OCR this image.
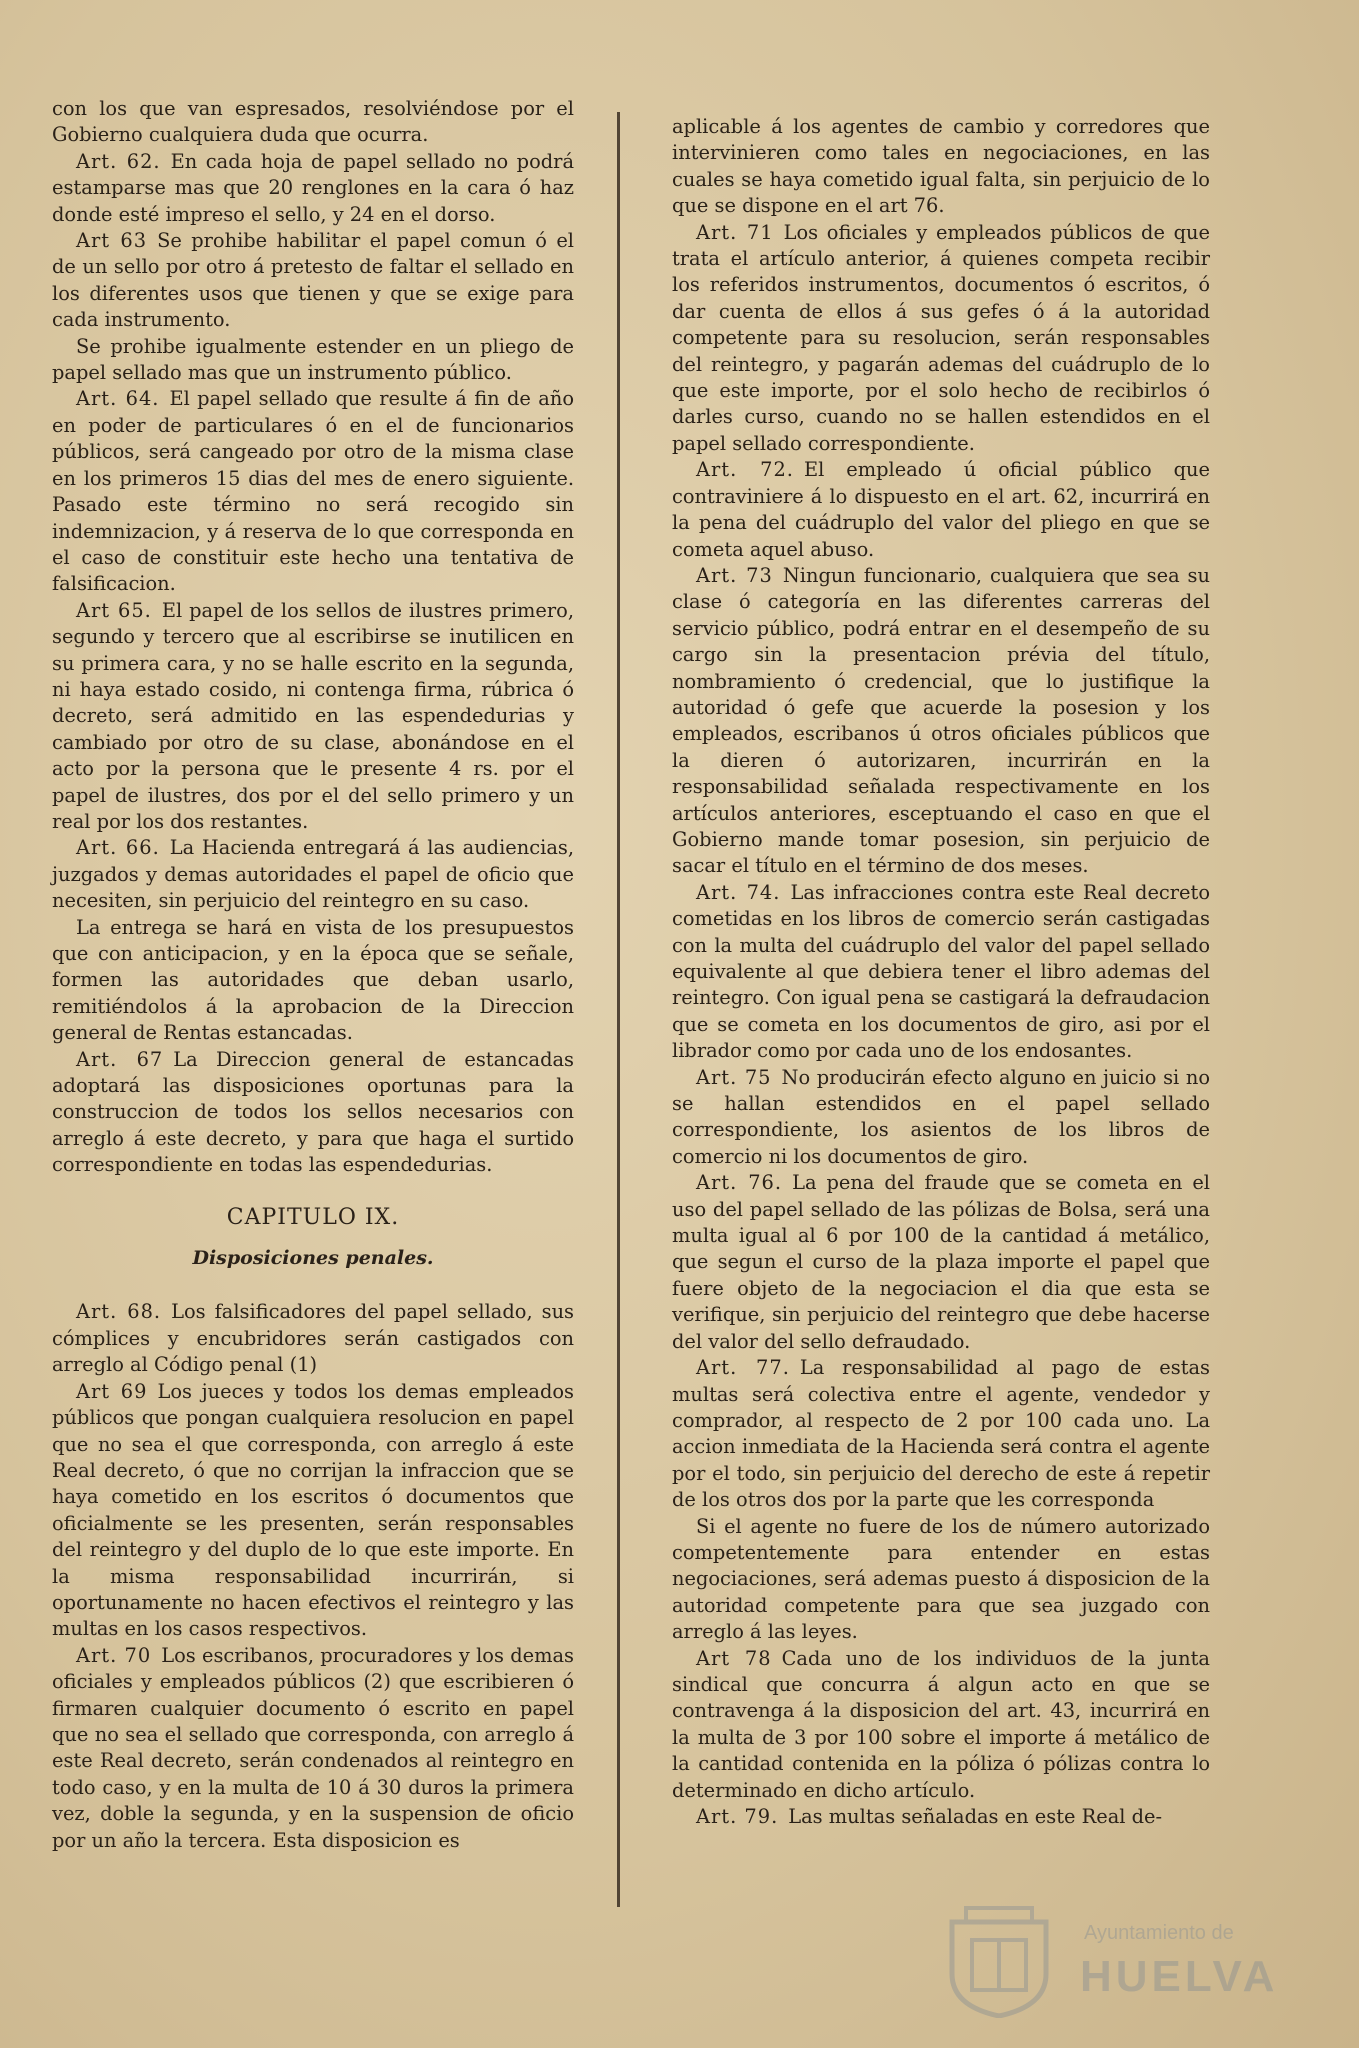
con los que van espresados, resolviéndose por el Gobierno cualquiera duda que ocurra.

Art. 62. En cada hoja de papel sellado no podrá estamparse mas que 20 renglones en la cara ó haz donde esté impreso el sello, y 24 en el dorso.

Art 63 Se prohibe habilitar el papel comun ó el de un sello por otro á pretesto de faltar el sellado en los diferentes usos que tienen y que se exige para cada instrumento.

Se prohibe igualmente estender en un pliego de papel sellado mas que un instrumento público.

Art. 64. El papel sellado que resulte á fin de año en poder de particulares ó en el de funcionarios públicos, será cangeado por otro de la misma clase en los primeros 15 dias del mes de enero siguiente. Pasado este término no será recogido sin indemnizacion, y á reserva de lo que corresponda en el caso de constituir este hecho una tentativa de falsificacion.

Art 65. El papel de los sellos de ilustres primero, segundo y tercero que al escribirse se inutilicen en su primera cara, y no se halle escrito en la segunda, ni haya estado cosido, ni contenga firma, rúbrica ó decreto, será admitido en las espendedurias y cambiado por otro de su clase, abonándose en el acto por la persona que le presente 4 rs. por el papel de ilustres, dos por el del sello primero y un real por los dos restantes.

Art. 66. La Hacienda entregará á las audiencias, juzgados y demas autoridades el papel de oficio que necesiten, sin perjuicio del reintegro en su caso.

La entrega se hará en vista de los presupuestos que con anticipacion, y en la época que se señale, formen las autoridades que deban usarlo, remitiéndolos á la aprobacion de la Direccion general de Rentas estancadas.

Art. 67 La Direccion general de estancadas adoptará las disposiciones oportunas para la construccion de todos los sellos necesarios con arreglo á este decreto, y para que haga el surtido correspondiente en todas las espendedurias.

CAPITULO IX.

Disposiciones penales.

Art. 68. Los falsificadores del papel sellado, sus cómplices y encubridores serán castigados con arreglo al Código penal (1)

Art 69 Los jueces y todos los demas empleados públicos que pongan cualquiera resolucion en papel que no sea el que corresponda, con arreglo á este Real decreto, ó que no corrijan la infraccion que se haya cometido en los escritos ó documentos que oficialmente se les presenten, serán responsables del reintegro y del duplo de lo que este importe. En la misma responsabilidad incurrirán, si oportunamente no hacen efectivos el reintegro y las multas en los casos respectivos.

Art. 70 Los escribanos, procuradores y los demas oficiales y empleados públicos (2) que escribieren ó firmaren cualquier documento ó escrito en papel que no sea el sellado que corresponda, con arreglo á este Real decreto, serán condenados al reintegro en todo caso, y en la multa de 10 á 30 duros la primera vez, doble la segunda, y en la suspension de oficio por un año la tercera. Esta disposicion es

aplicable á los agentes de cambio y corredores que intervinieren como tales en negociaciones, en las cuales se haya cometido igual falta, sin perjuicio de lo que se dispone en el art 76.

Art. 71 Los oficiales y empleados públicos de que trata el artículo anterior, á quienes competa recibir los referidos instrumentos, documentos ó escritos, ó dar cuenta de ellos á sus gefes ó á la autoridad competente para su resolucion, serán responsables del reintegro, y pagarán ademas del cuádruplo de lo que este importe, por el solo hecho de recibirlos ó darles curso, cuando no se hallen estendidos en el papel sellado correspondiente.

Art. 72. El empleado ú oficial público que contraviniere á lo dispuesto en el art. 62, incurrirá en la pena del cuádruplo del valor del pliego en que se cometa aquel abuso.

Art. 73 Ningun funcionario, cualquiera que sea su clase ó categoría en las diferentes carreras del servicio público, podrá entrar en el desempeño de su cargo sin la presentacion prévia del título, nombramiento ó credencial, que lo justifique la autoridad ó gefe que acuerde la posesion y los empleados, escribanos ú otros oficiales públicos que la dieren ó autorizaren, incurrirán en la responsabilidad señalada respectivamente en los artículos anteriores, esceptuando el caso en que el Gobierno mande tomar posesion, sin perjuicio de sacar el título en el término de dos meses.

Art. 74. Las infracciones contra este Real decreto cometidas en los libros de comercio serán castigadas con la multa del cuádruplo del valor del papel sellado equivalente al que debiera tener el libro ademas del reintegro. Con igual pena se castigará la defraudacion que se cometa en los documentos de giro, asi por el librador como por cada uno de los endosantes.

Art. 75 No producirán efecto alguno en juicio si no se hallan estendidos en el papel sellado correspondiente, los asientos de los libros de comercio ni los documentos de giro.

Art. 76. La pena del fraude que se cometa en el uso del papel sellado de las pólizas de Bolsa, será una multa igual al 6 por 100 de la cantidad á metálico, que segun el curso de la plaza importe el papel que fuere objeto de la negociacion el dia que esta se verifique, sin perjuicio del reintegro que debe hacerse del valor del sello defraudado.

Art. 77. La responsabilidad al pago de estas multas será colectiva entre el agente, vendedor y comprador, al respecto de 2 por 100 cada uno. La accion inmediata de la Hacienda será contra el agente por el todo, sin perjuicio del derecho de este á repetir de los otros dos por la parte que les corresponda

Si el agente no fuere de los de número autorizado competentemente para entender en estas negociaciones, será ademas puesto á disposicion de la autoridad competente para que sea juzgado con arreglo á las leyes.

Art 78 Cada uno de los individuos de la junta sindical que concurra á algun acto en que se contravenga á la disposicion del art. 43, incurrirá en la multa de 3 por 100 sobre el importe á metálico de la cantidad contenida en la póliza ó pólizas contra lo determinado en dicho artículo.

Art. 79. Las multas señaladas en este Real de-

Ayuntamiento de
HUELVA
